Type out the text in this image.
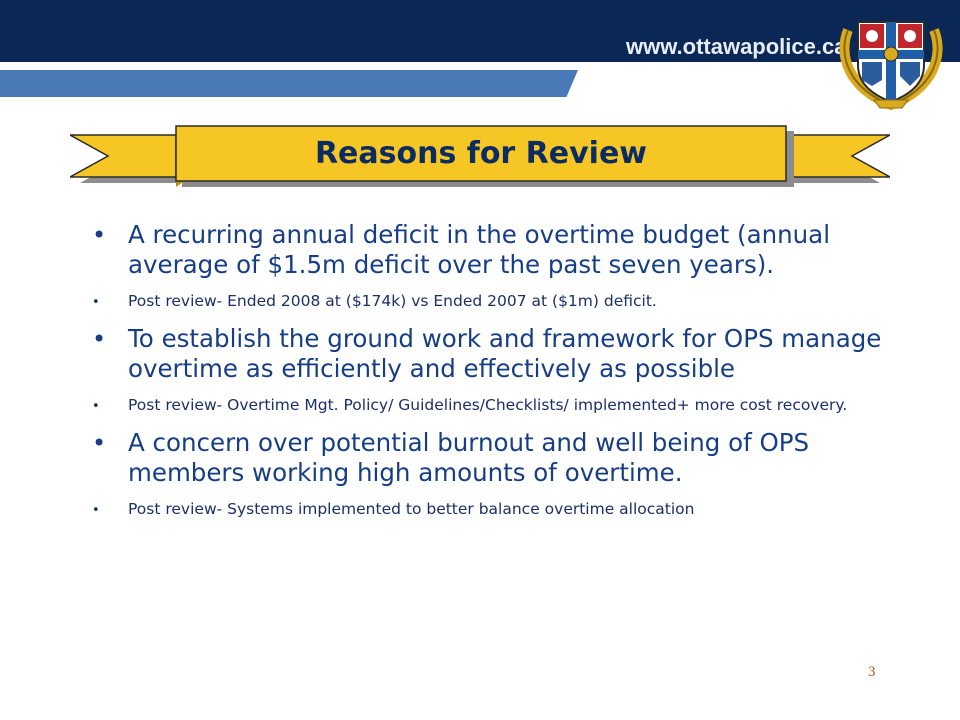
www.ottawapolice.ca
Reasons for Review
• A recurring annual deficit in the overtime budget (annual average of $1.5m deficit over the past seven years).
• Post review- Ended 2008 at ($174k) vs Ended 2007 at ($1m) deficit.
• To establish the ground work and framework for OPS manage overtime as efficiently and effectively as possible
• Post review- Overtime Mgt. Policy/ Guidelines/Checklists/ implemented+ more cost recovery.
• A concern over potential burnout and well being of OPS members working high amounts of overtime.
• Post review- Systems implemented to better balance overtime allocation
3
